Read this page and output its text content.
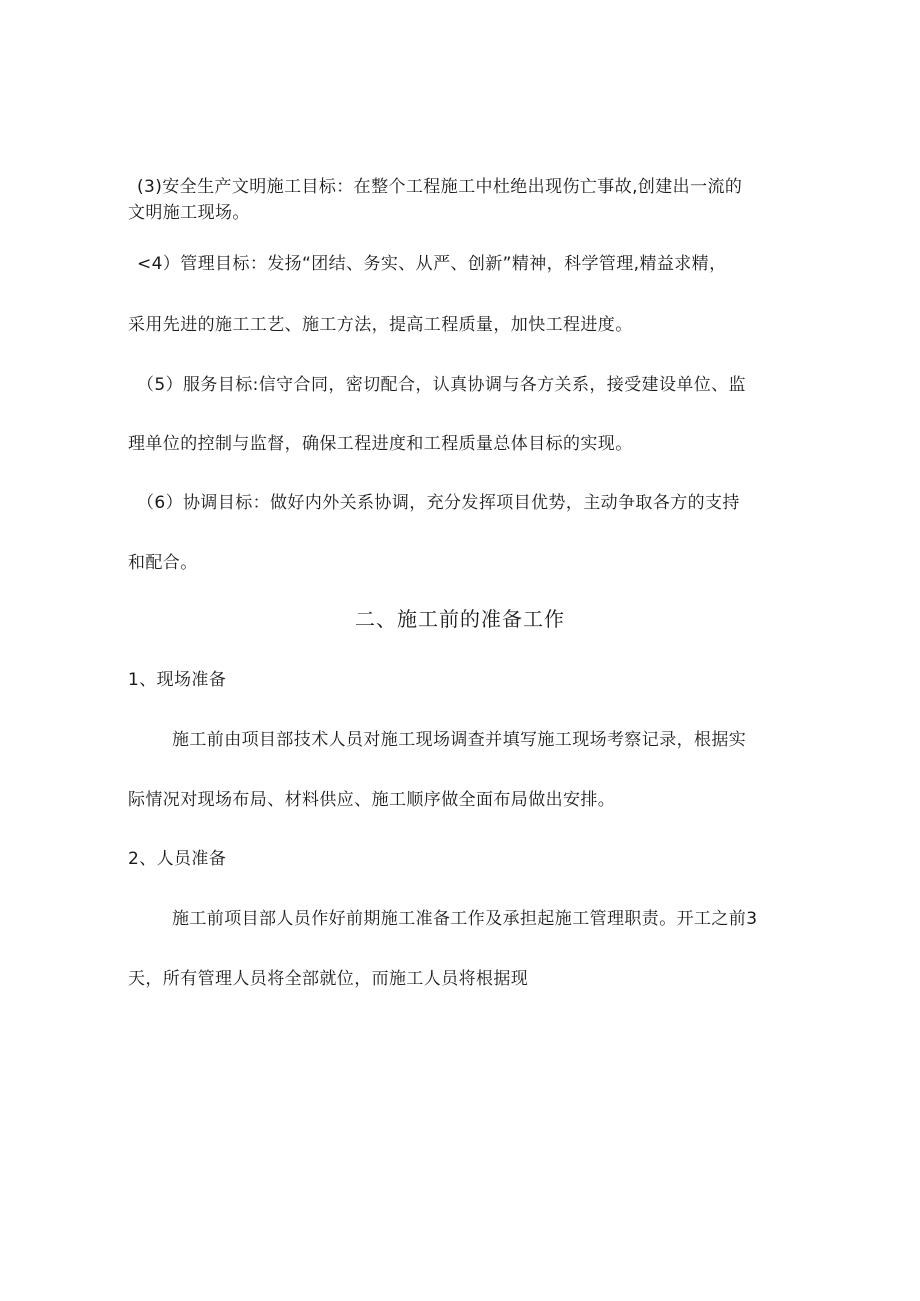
(3)安全生产文明施工目标：在整个工程施工中杜绝出现伤亡事故,创建出一流的

文明施工现场。

<4）管理目标：发扬“团结、务实、从严、创新”精神，科学管理,精益求精，

采用先进的施工工艺、施工方法，提高工程质量，加快工程进度。

（5）服务目标:信守合同，密切配合，认真协调与各方关系，接受建设单位、监

理单位的控制与监督，确保工程进度和工程质量总体目标的实现。

（6）协调目标：做好内外关系协调，充分发挥项目优势，主动争取各方的支持

和配合。

二、施工前的准备工作

1、现场准备

施工前由项目部技术人员对施工现场调查并填写施工现场考察记录，根据实

际情况对现场布局、材料供应、施工顺序做全面布局做出安排。

2、人员准备

施工前项目部人员作好前期施工准备工作及承担起施工管理职责。开工之前3

天，所有管理人员将全部就位，而施工人员将根据现
